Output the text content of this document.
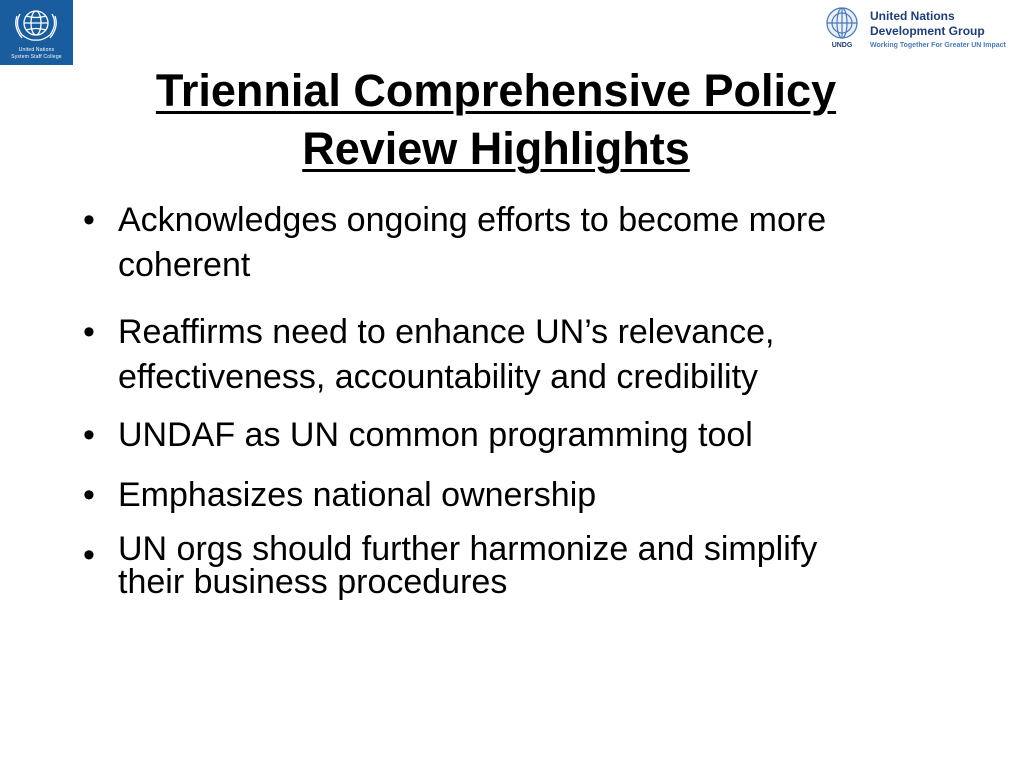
United Nations
System Staff College
United Nations
Development Group
UNDG	Working Together For Greater UN Impact
Triennial Comprehensive Policy
Review Highlights
• Acknowledges ongoing efforts to become more
coherent
• Reaffirms need to enhance UN’s relevance,
effectiveness, accountability and credibility
• UNDAF as UN common programming tool
• Emphasizes national ownership
• UN orgs should further harmonize and simplify
their business procedures
